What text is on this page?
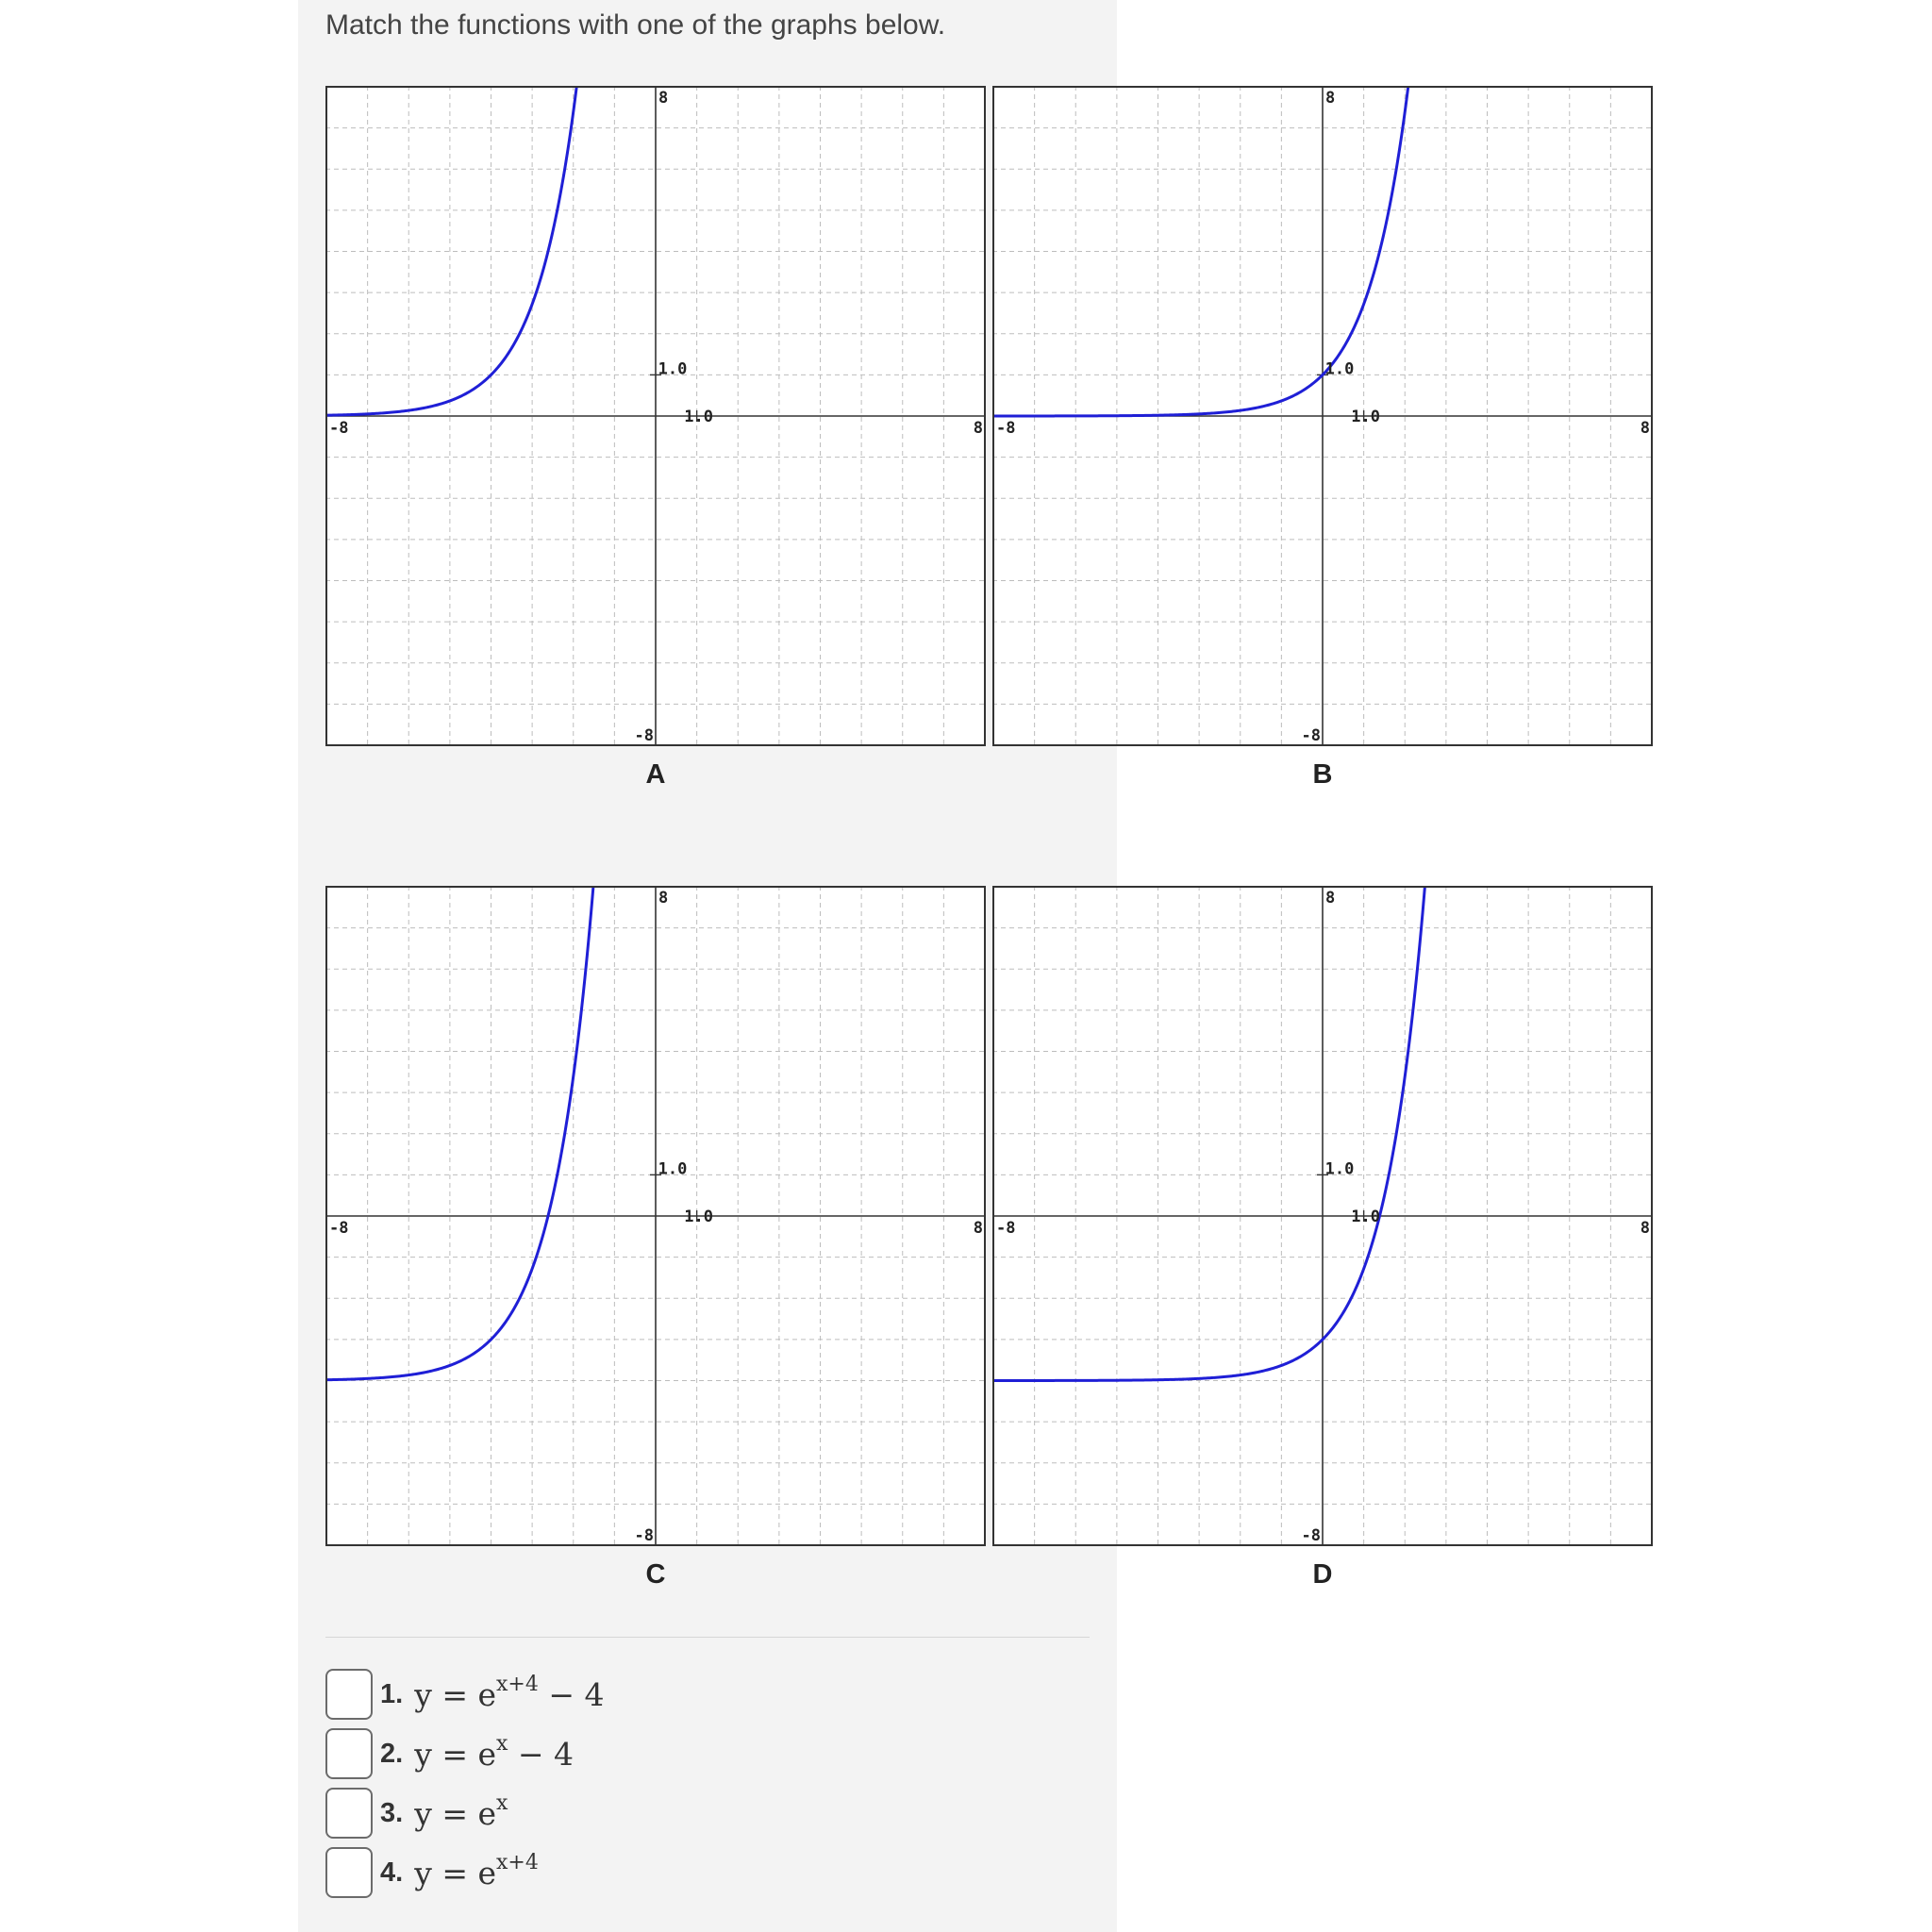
Match the functions with one of the graphs below.
-8	8
8
-8
1.0
1.0
A
-8	8
8
-8
1.0
1.0
B
-8	8
8
-8
1.0
1.0
C
-8	8
8
-8
1.0
1.0
D
1. $y = e^{x+4} - 4$
2. $y = e^x - 4$
3. $y = e^x$
4. $y = e^{x+4}$
